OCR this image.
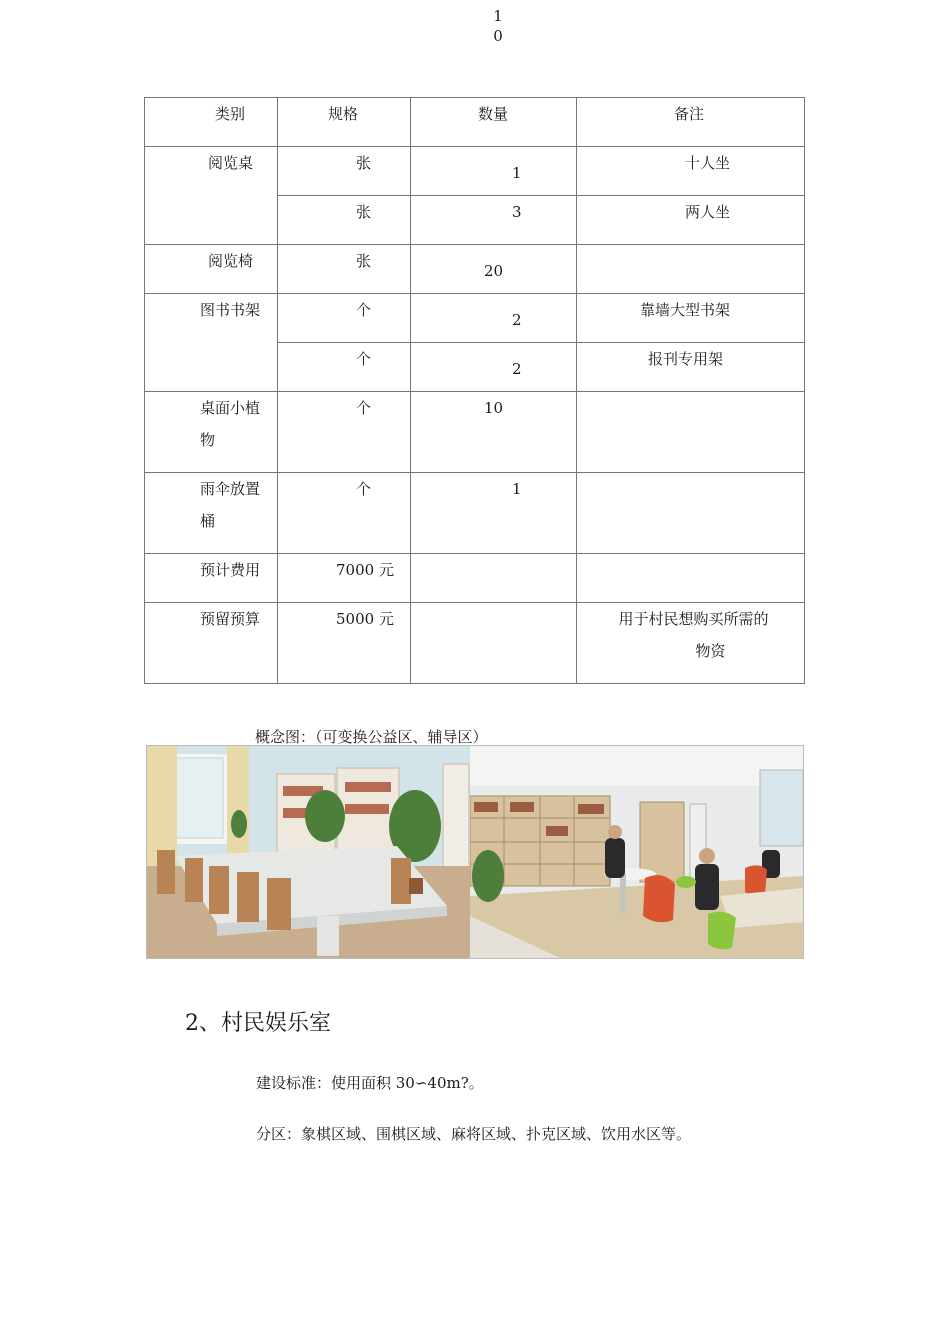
1
0
类别	规格	数量	备注
阅览桌	张	1	十人坐
	张	3	两人坐
阅览椅	张	20	

图书书架	个	2	靠墙大型书架
	个	2	报刊专用架

桌面小植
物	个	10	

雨伞放置
桶	个	1	
预计费用	7000 元		
预留预算	5000 元		用于村民想购买所需的
物资
概念图：（可变换公益区、辅导区）
2、村民娱乐室
建设标准：使用面积 30∽40m?。
分区：象棋区域、围棋区域、麻将区域、扑克区域、饮用水区等。
